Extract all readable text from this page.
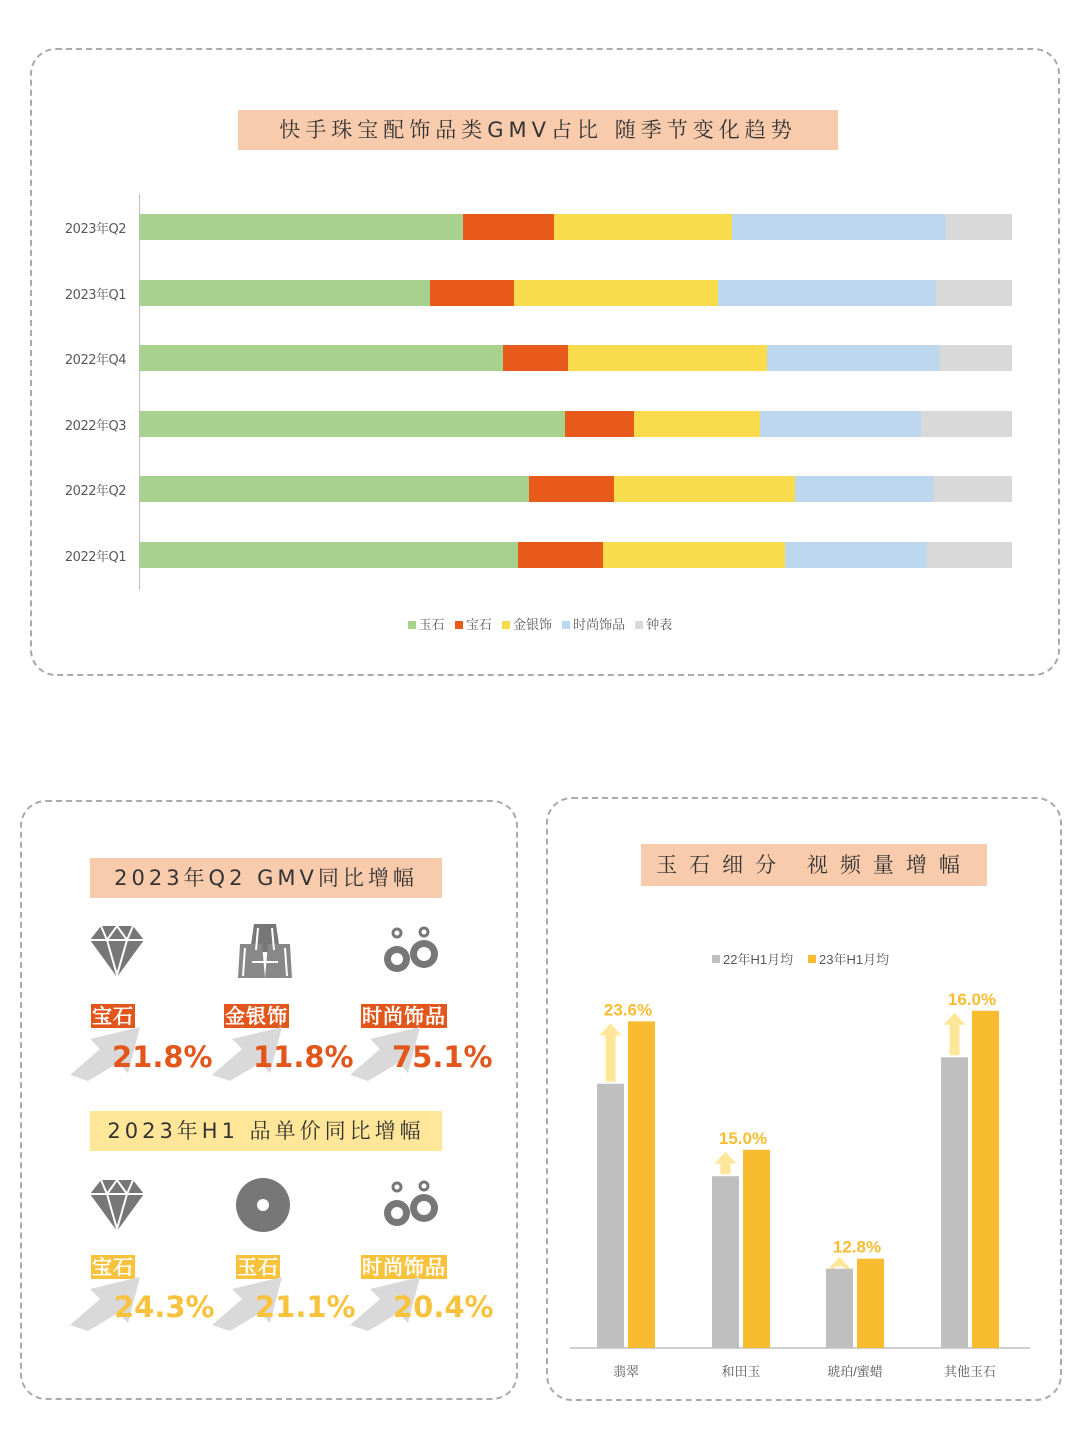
快手珠宝配饰品类GMV占比 随季节变化趋势
2023年Q2
2023年Q1
2022年Q4
2022年Q3
2022年Q2
2022年Q1
玉石 宝石 金银饰 时尚饰品 钟表
2023年Q2 GMV同比增幅
宝石	金银饰	时尚饰品
21.8% 11.8% 75.1%
2023年H1 品单价同比增幅
宝石	玉石	时尚饰品
24.3% 21.1% 20.4%
玉石细分 视频量增幅
22年H1月均 23年H1月均
23.6%
翡翠
15.0%
和田玉
12.8%
琥珀/蜜蜡
16.0%
其他玉石
